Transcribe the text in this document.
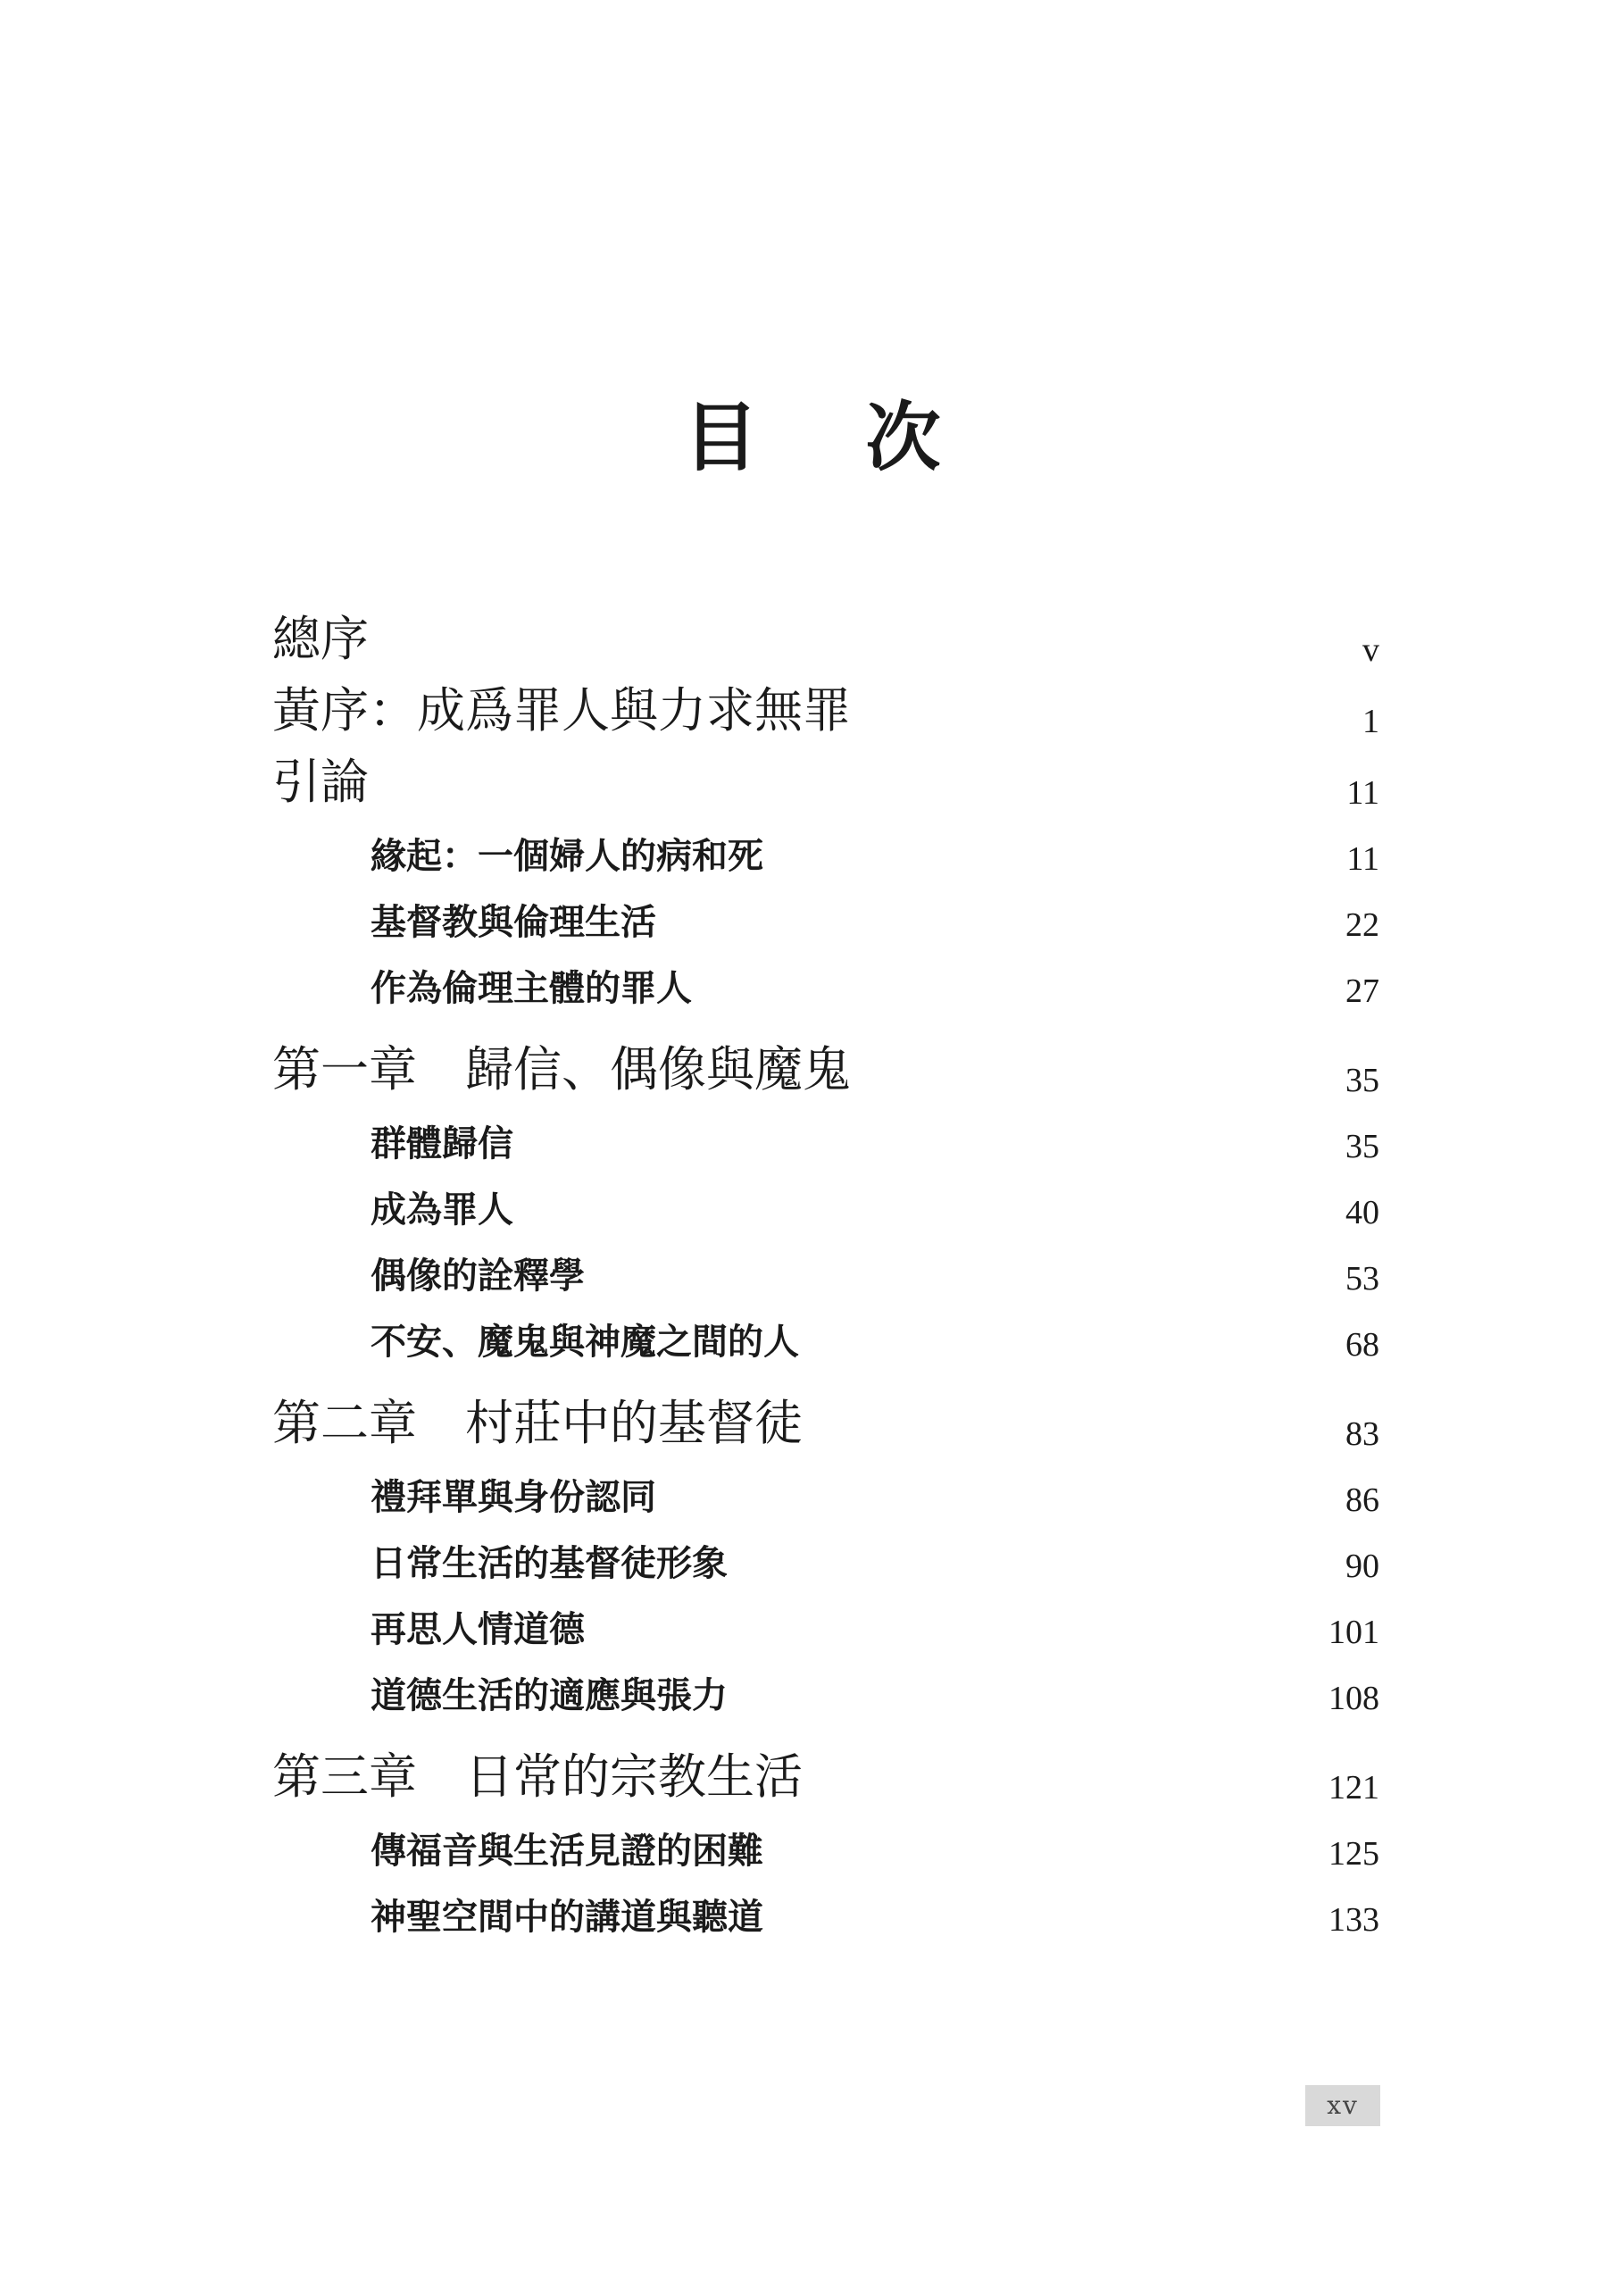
目 次
總序	v
黃序：成爲罪人與力求無罪	1
引論	11
緣起：一個婦人的病和死	11
基督教與倫理生活	22
作為倫理主體的罪人	27
第一章 歸信、偶像與魔鬼	35
群體歸信	35
成為罪人	40
偶像的詮釋學	53
不安、魔鬼與神魔之間的人	68
第二章 村莊中的基督徒	83
禮拜單與身份認同	86
日常生活的基督徒形象	90
再思人情道德	101
道德生活的適應與張力	108
第三章 日常的宗教生活	121
傳福音與生活見證的困難	125
神聖空間中的講道與聽道	133
xv
